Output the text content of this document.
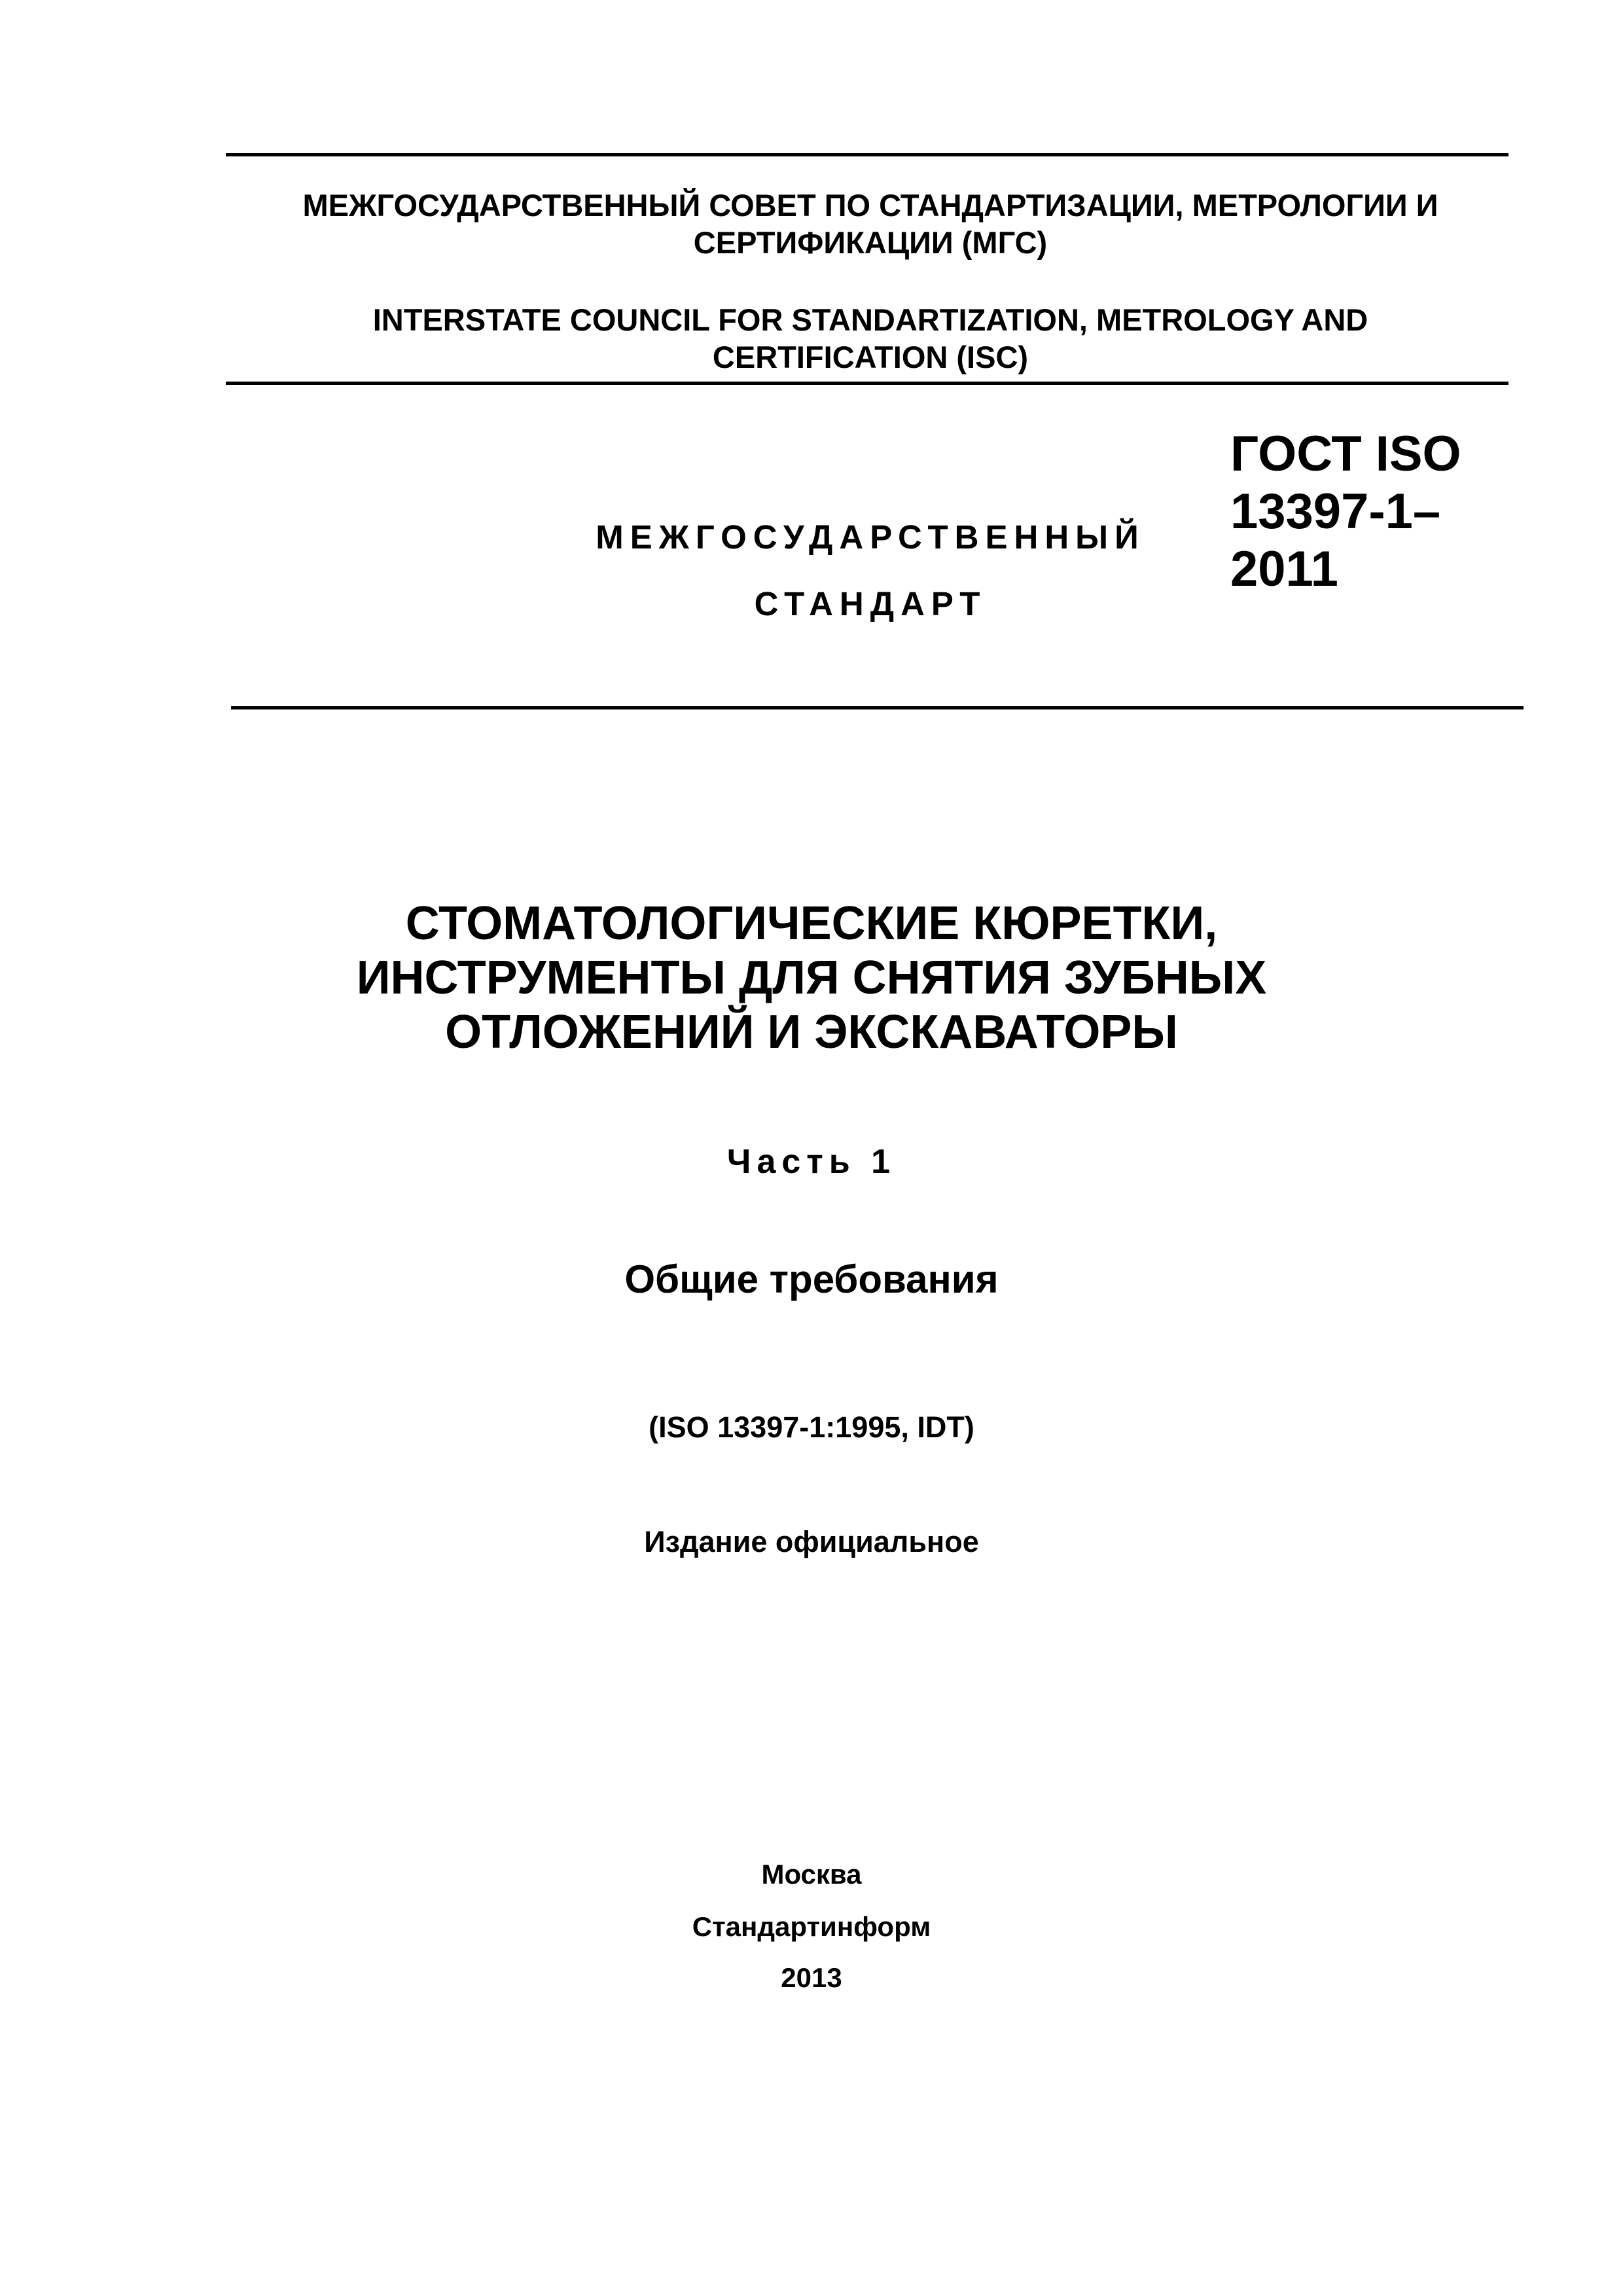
МЕЖГОСУДАРСТВЕННЫЙ СОВЕТ ПО СТАНДАРТИЗАЦИИ, МЕТРОЛОГИИ И
СЕРТИФИКАЦИИ (МГС)
INTERSTATE COUNCIL FOR STANDARTIZATION, METROLOGY AND
CERTIFICATION (ISC)
МЕЖГОСУДАРСТВЕННЫЙ
СТАНДАРТ
ГОСТ ISO
13397-1–
2011
СТОМАТОЛОГИЧЕСКИЕ КЮРЕТКИ,
ИНСТРУМЕНТЫ ДЛЯ СНЯТИЯ ЗУБНЫХ
ОТЛОЖЕНИЙ И ЭКСКАВАТОРЫ
Часть 1
Общие требования
(ISO 13397-1:1995, IDT)
Издание официальное
Москва
Стандартинформ
2013
